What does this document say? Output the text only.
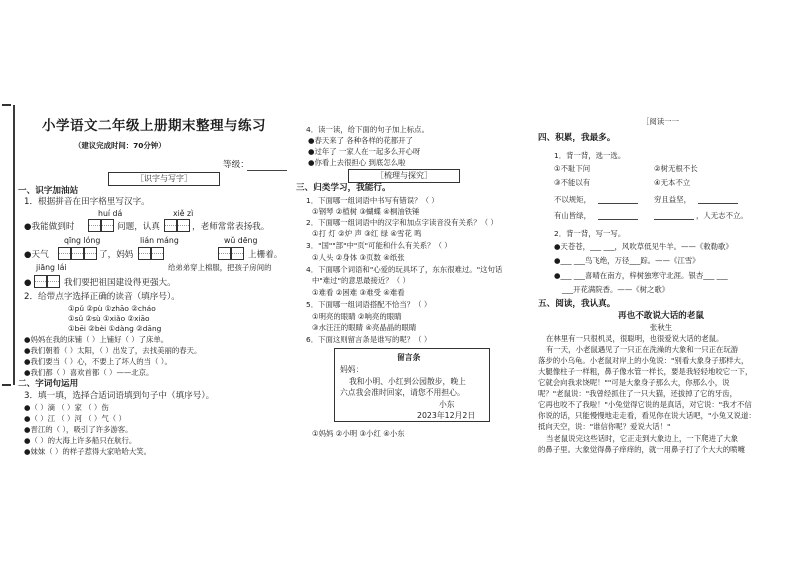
小学语文二年级上册期末整理与练习
（建议完成时间：70分钟）
等级：
［识字与写字］
一、识字加油站
1．根据拼音在田字格里写汉字。
huí dá	xiě zì
●我能做到时	问题，认真	，老师常常表扬我。
qīng lóng	lián máng	wǔ dēng
●天气	了，妈妈	上栅着。
给弟弟穿上棉服，把孩子房间的
jiāng lái
●	我们要把祖国建设得更强大。
2．给带点字选择正确的读音（填序号）。
①pǔ ②pù ①zhāo ②cháo
①sǔ ②sù ①xiǎo ②xiāo
①bēi ②bèi ①dàng ②dāng
●妈妈在我的床铺（ ）上铺好（ ）了床单。
●我们朝着（ ）太阳，（ ）出发了，去找美丽的春天。
●我们要当（ ）心，不要上了坏人的当（ ）。
●我们都（ ）喜欢首都（ ）——北京。
二、字词句运用
3．填一填，选择合适词语填到句子中（填序号）。
●（ ）滴 （ ）家 （ ）伤
●（ ）江 （ ）河 （ ）气（ ）
●晋江的（ ），吸引了许多游客。
●（ ）的大海上许多船只在航行。
●妹妹（ ）的样子惹得大家哈哈大笑。
4．读一读，给下面的句子加上标点。
●春天来了 各种各样的花都开了
●过年了 一家人在一起多么开心呀
●你看上去很担心 到底怎么啦
［梳理与探究］
三、归类学习，我能行。
1．下面哪一组词语中书写有错误？（ ）
①钢琴 ②植树 ③蝴蝶 ④桐油铁锤
2．下面哪一组词语中的汉字和加点字读音没有关系？（ ）
①打 灯 ②炉 声 ③红 绿 ④雪花 鸣
3．"国""部"中"页"可能和什么有关系？（ ）
①人头 ②身体 ③页数 ④纸张
4．下面哪个词语和"心爱的玩具坏了，东东很难过。"这句话
中"难过"的意思最接近？（ ）
①难看 ②困难 ③难受 ④难看
5．下面哪一组词语搭配不恰当？（ ）
①明亮的眼睛 ②响亮的眼睛
③水汪汪的眼睛 ④亮晶晶的眼睛
6．下面这则留言条是谁写的呢？（ ）
留言条
妈妈：
我和小明、小红到公园散步，晚上
六点我会准时回家，请您不用担心。
小东
2023年12月2日
①妈妈 ②小明 ③小红 ④小东
［阅读一一
四、积累，我最多。
1．背一背，选一选。
①不耻下问	②树无根不长
③不能以有	④无本不立
不以规矩，	穷且益坚，
有山皆绿，	，人无志不立。
2．背一背，写一写。
●天苍苍，___ ___，风吹草低见牛羊。——《敕勒歌》
●___ ___鸟飞绝，万径___踪。——《江雪》
●___ ___喜晴在南方，梓树独寒守北涯。银杏___ ___
___开花满院香。——《树之歌》
五、阅读，我认真。
再也不敢说大话的老鼠
张秋生
在林里有一只很机灵，很聪明，也很爱说大话的老鼠。
有一天，小老鼠遇见了一只正在洗澡的大象和一只正在玩游
落步的小乌龟。小老鼠对岸上的小兔说："别看大象身子那样大，
大腿像柱子一样粗，鼻子像水管一样长，要是我轻轻地咬它一下，
它就会向我求饶呢！""可是大象身子那么大，你那么小，说
呢？"老鼠说："我曾经抓住了一只大猫，还拔掉了它的牙齿，
它再也咬不了我啦！"小兔觉得它说的是真话，对它说："我才不信
你说的话，只能慢慢地走走看，看见你在说大话吧，"小兔又说道：
抵向天空，说："谁信你呢？爱说大话！"
当老鼠说完这些话时，它正走到大象边上，一下爬进了大象
的鼻子里。大象觉得鼻子痒痒的，就一用鼻子打了个大大的喷嚏
